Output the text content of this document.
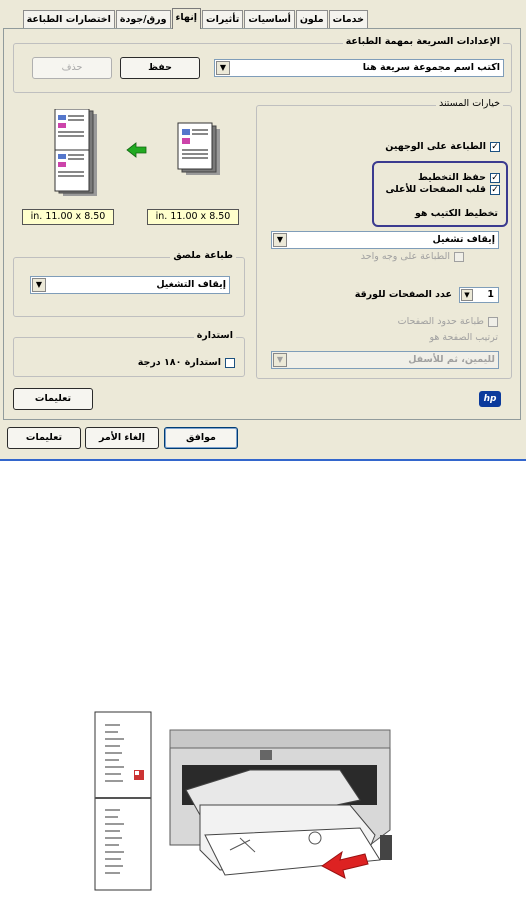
خدمات
ملون
أساسيات
تأثيرات
إنهاء
ورق/جودة
اختصارات الطباعة
الإعدادات السريعة بمهمة الطباعة
اكتب اسم مجموعة سريعة هنا
▼
حفظ
حذف
خيارات المستند
✓
الطباعة على الوجهين
✓
حفظ التخطيط
✓
قلب الصفحات للأعلى
تخطيط الكتيب هو
إيقاف تشغيل
▼
الطباعة على وجه واحد
1
▼
عدد الصفحات للورقة
طباعة حدود الصفحات
ترتيب الصفحة هو
لليمين، ثم للأسفل
▼
in. 11.00 x 8.50	in. 11.00 x 8.50
طباعة ملصق
إيقاف التشغيل
▼
استدارة
استدارة ١٨٠ درجة
تعليمات	hp
موافق
إلغاء الأمر
تعليمات
